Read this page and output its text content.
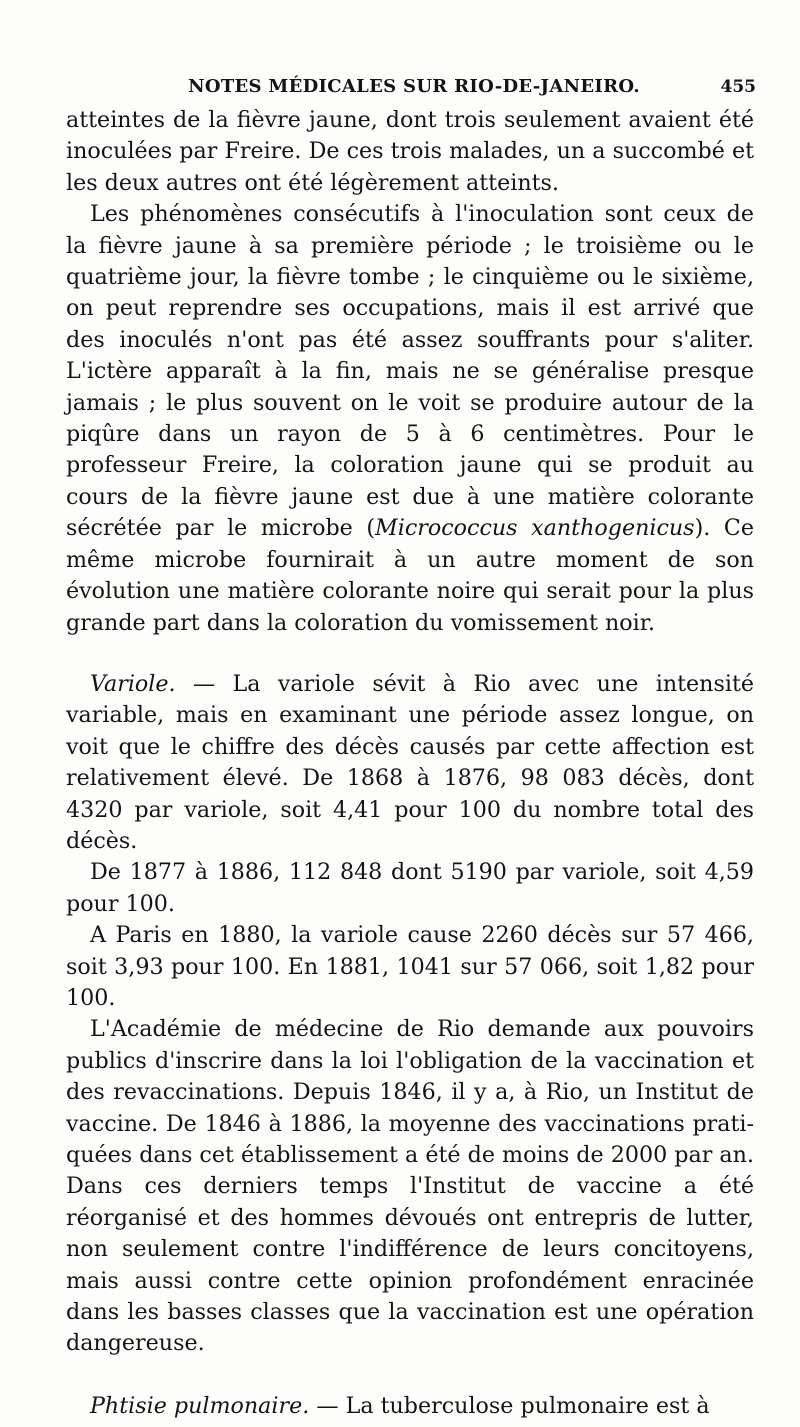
NOTES MÉDICALES SUR RIO-DE-JANEIRO.	455

atteintes de la fièvre jaune, dont trois seulement avaient été inoculées par Freire. De ces trois malades, un a succombé et les deux autres ont été légèrement atteints.

Les phénomènes consécutifs à l'inoculation sont ceux de la fièvre jaune à sa première période ; le troisième ou le quatrième jour, la fièvre tombe ; le cinquième ou le sixième, on peut reprendre ses occupations, mais il est arrivé que des inoculés n'ont pas été assez souffrants pour s'aliter. L'ictère apparaît à la fin, mais ne se généralise presque jamais ; le plus souvent on le voit se produire autour de la piqûre dans un rayon de 5 à 6 centimètres. Pour le professeur Freire, la coloration jaune qui se produit au cours de la fièvre jaune est due à une matière colorante sécrétée par le microbe (Micrococcus xanthogenicus). Ce même microbe fournirait à un autre moment de son évolution une matière colorante noire qui serait pour la plus grande part dans la coloration du vomissement noir.

Variole. — La variole sévit à Rio avec une intensité variable, mais en examinant une période assez longue, on voit que le chiffre des décès causés par cette affection est relativement élevé. De 1868 à 1876, 98 083 décès, dont 4320 par variole, soit 4,41 pour 100 du nombre total des décès.

De 1877 à 1886, 112 848 dont 5190 par variole, soit 4,59 pour 100.

A Paris en 1880, la variole cause 2260 décès sur 57 466, soit 3,93 pour 100. En 1881, 1041 sur 57 066, soit 1,82 pour 100.

L'Académie de médecine de Rio demande aux pouvoirs publics d'inscrire dans la loi l'obligation de la vaccination et des revaccinations. Depuis 1846, il y a, à Rio, un Institut de vaccine. De 1846 à 1886, la moyenne des vaccinations pratiquées dans cet établissement a été de moins de 2000 par an. Dans ces derniers temps l'Institut de vaccine a été réorganisé et des hommes dévoués ont entrepris de lutter, non seulement contre l'indifférence de leurs concitoyens, mais aussi contre cette opinion profondément enracinée dans les basses classes que la vaccination est une opération dangereuse.

Phtisie pulmonaire. — La tuberculose pulmonaire est à
